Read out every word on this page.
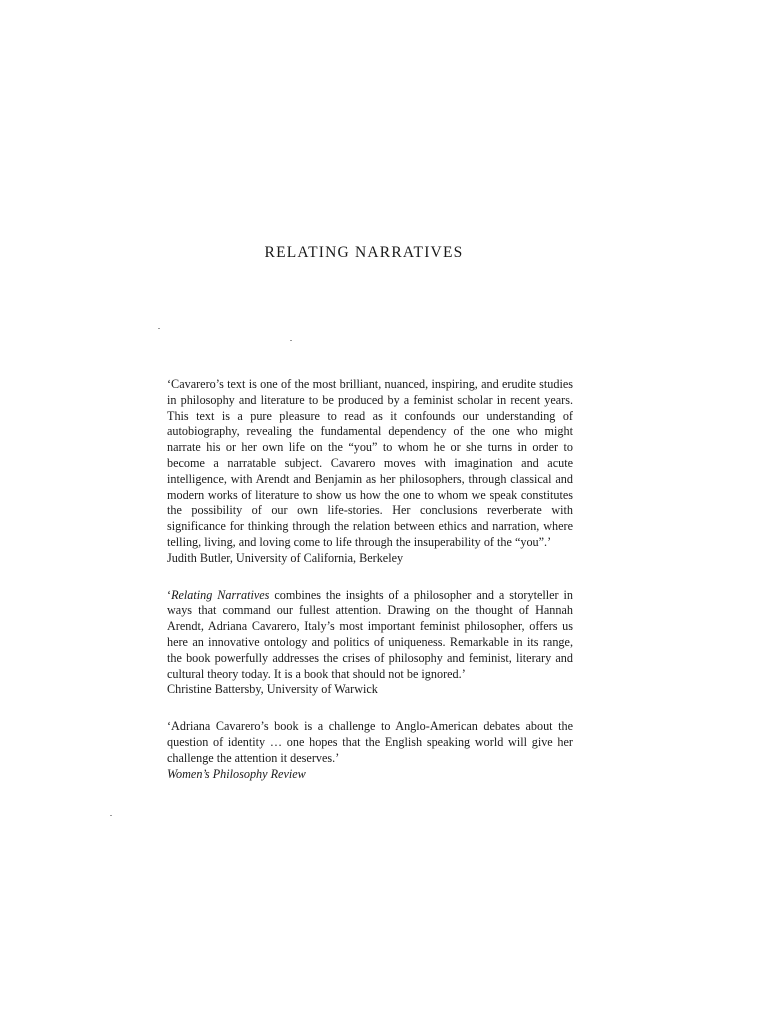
RELATING NARRATIVES

‘Cavarero’s text is one of the most brilliant, nuanced, inspiring, and erudite studies in philosophy and literature to be produced by a feminist scholar in recent years. This text is a pure pleasure to read as it confounds our understanding of autobiography, revealing the fundamental dependency of the one who might narrate his or her own life on the “you” to whom he or she turns in order to become a narratable subject. Cavarero moves with imagination and acute intelligence, with Arendt and Benjamin as her philosophers, through classical and modern works of literature to show us how the one to whom we speak constitutes the possibility of our own life-stories. Her conclusions reverberate with significance for thinking through the relation between ethics and narration, where telling, living, and loving come to life through the insuperability of the “you”.’

Judith Butler, University of California, Berkeley

‘Relating Narratives combines the insights of a philosopher and a storyteller in ways that command our fullest attention. Drawing on the thought of Hannah Arendt, Adriana Cavarero, Italy’s most important feminist philosopher, offers us here an innovative ontology and politics of uniqueness. Remarkable in its range, the book powerfully addresses the crises of philosophy and feminist, literary and cultural theory today. It is a book that should not be ignored.’

Christine Battersby, University of Warwick

‘Adriana Cavarero’s book is a challenge to Anglo-American debates about the question of identity … one hopes that the English speaking world will give her challenge the attention it deserves.’

Women’s Philosophy Review
